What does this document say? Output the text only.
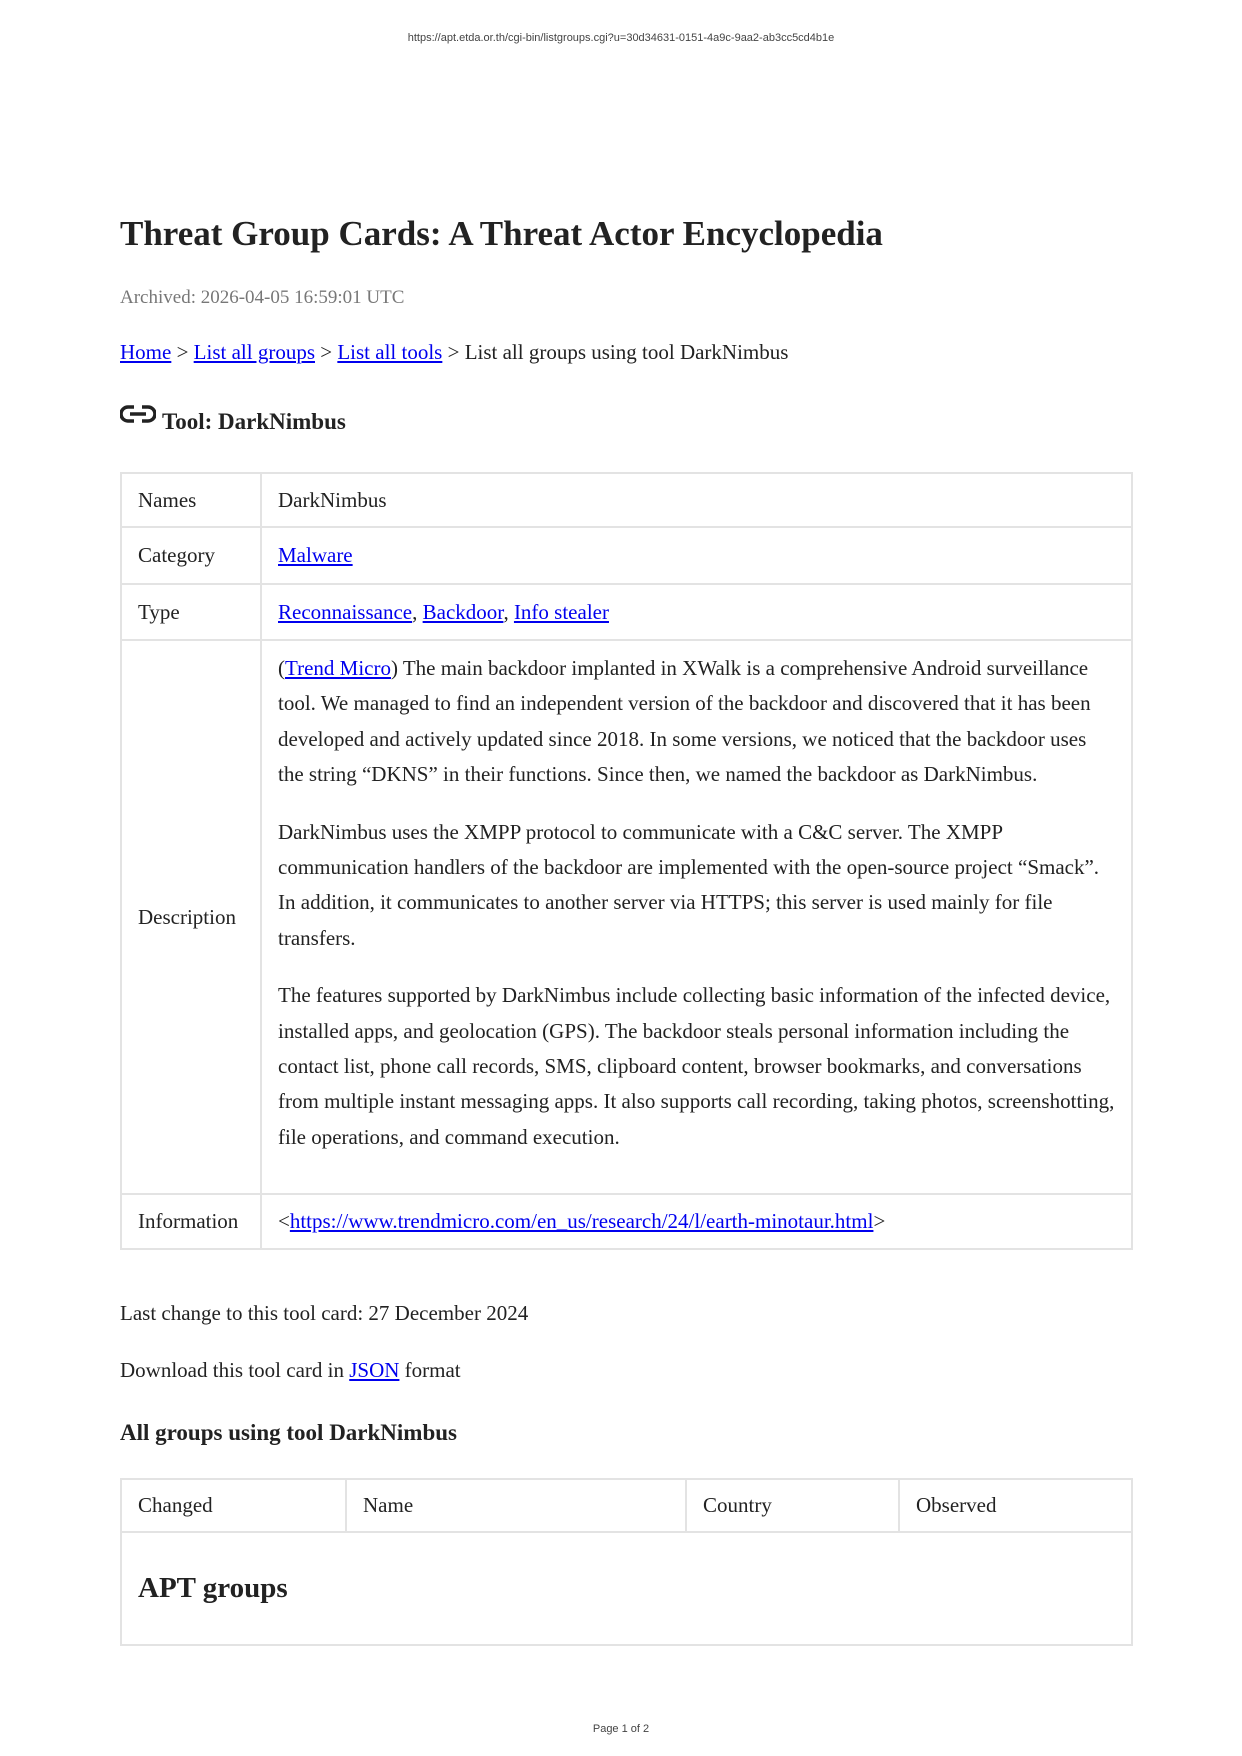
https://apt.etda.or.th/cgi-bin/listgroups.cgi?u=30d34631-0151-4a9c-9aa2-ab3cc5cd4b1e
Threat Group Cards: A Threat Actor Encyclopedia
Archived: 2026-04-05 16:59:01 UTC
Home > List all groups > List all tools > List all groups using tool DarkNimbus
Tool: DarkNimbus
Names	DarkNimbus
Category	Malware
Type	Reconnaissance, Backdoor, Info stealer
Description	(Trend Micro) The main backdoor implanted in XWalk is a comprehensive Android surveillance tool. We managed to find an independent version of the backdoor and discovered that it has been developed and actively updated since 2018. In some versions, we noticed that the backdoor uses the string “DKNS” in their functions. Since then, we named the backdoor as DarkNimbus.

DarkNimbus uses the XMPP protocol to communicate with a C&C server. The XMPP communication handlers of the backdoor are implemented with the open-source project “Smack”. In addition, it communicates to another server via HTTPS; this server is used mainly for file transfers.

The features supported by DarkNimbus include collecting basic information of the infected device, installed apps, and geolocation (GPS). The backdoor steals personal information including the contact list, phone call records, SMS, clipboard content, browser bookmarks, and conversations from multiple instant messaging apps. It also supports call recording, taking photos, screenshotting, file operations, and command execution.

Information	<https://www.trendmicro.com/en_us/research/24/l/earth-minotaur.html>
Last change to this tool card: 27 December 2024
Download this tool card in JSON format
All groups using tool DarkNimbus
Changed	Name	Country	Observed
APT groups
Page 1 of 2
